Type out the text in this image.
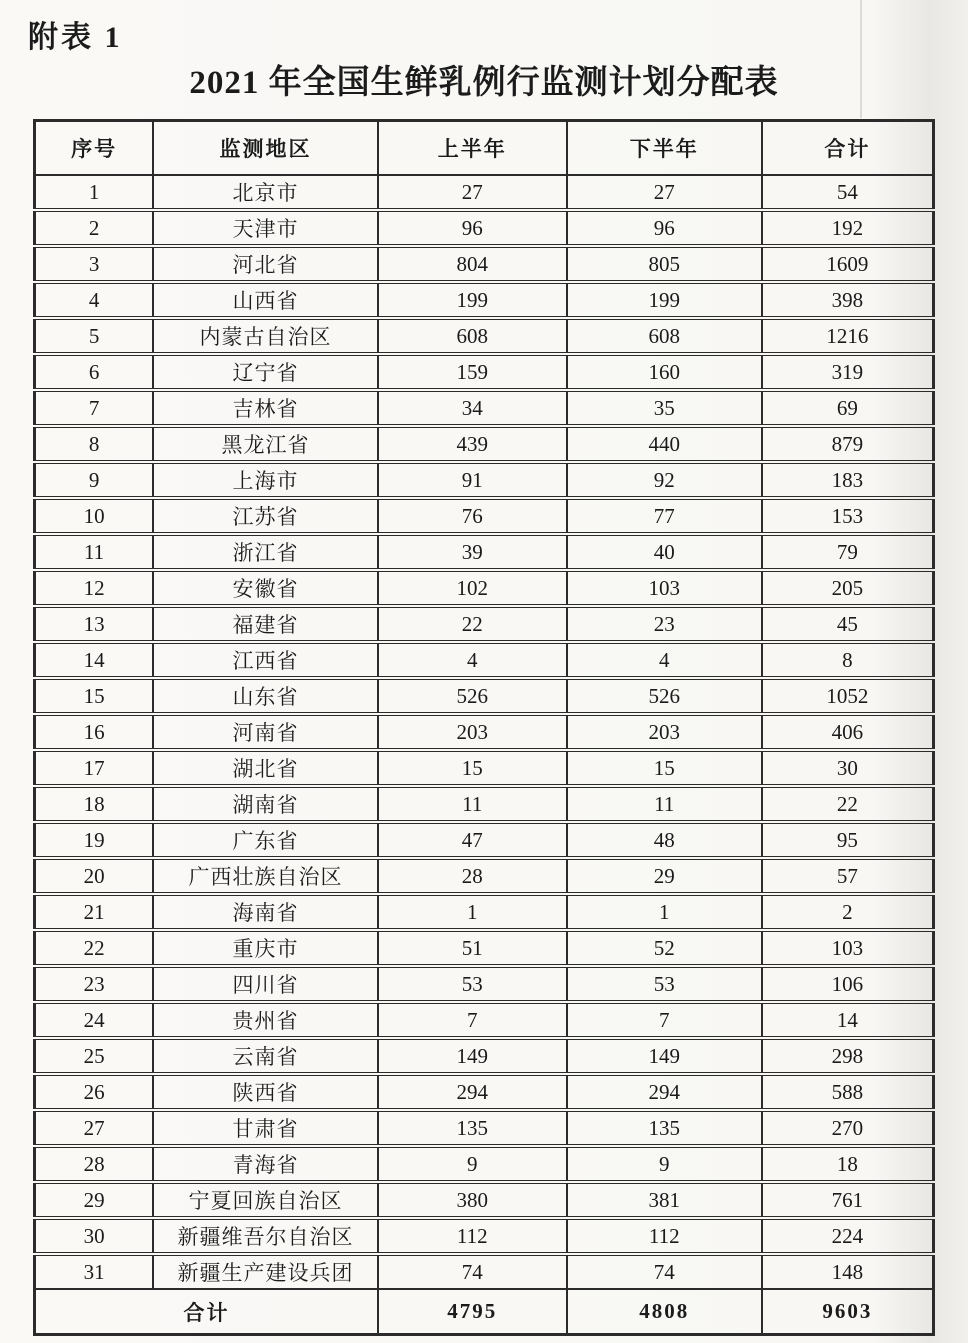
附表 1
2021 年全国生鲜乳例行监测计划分配表
序号	监测地区	上半年	下半年	合计
1	北京市	27	27	54
2	天津市	96	96	192
3	河北省	804	805	1609
4	山西省	199	199	398
5	内蒙古自治区	608	608	1216
6	辽宁省	159	160	319
7	吉林省	34	35	69
8	黑龙江省	439	440	879
9	上海市	91	92	183
10	江苏省	76	77	153
11	浙江省	39	40	79
12	安徽省	102	103	205
13	福建省	22	23	45
14	江西省	4	4	8
15	山东省	526	526	1052
16	河南省	203	203	406
17	湖北省	15	15	30
18	湖南省	11	11	22
19	广东省	47	48	95
20	广西壮族自治区	28	29	57
21	海南省	1	1	2
22	重庆市	51	52	103
23	四川省	53	53	106
24	贵州省	7	7	14
25	云南省	149	149	298
26	陕西省	294	294	588
27	甘肃省	135	135	270
28	青海省	9	9	18
29	宁夏回族自治区	380	381	761
30	新疆维吾尔自治区	112	112	224
31	新疆生产建设兵团	74	74	148
合计		4795	4808	9603
